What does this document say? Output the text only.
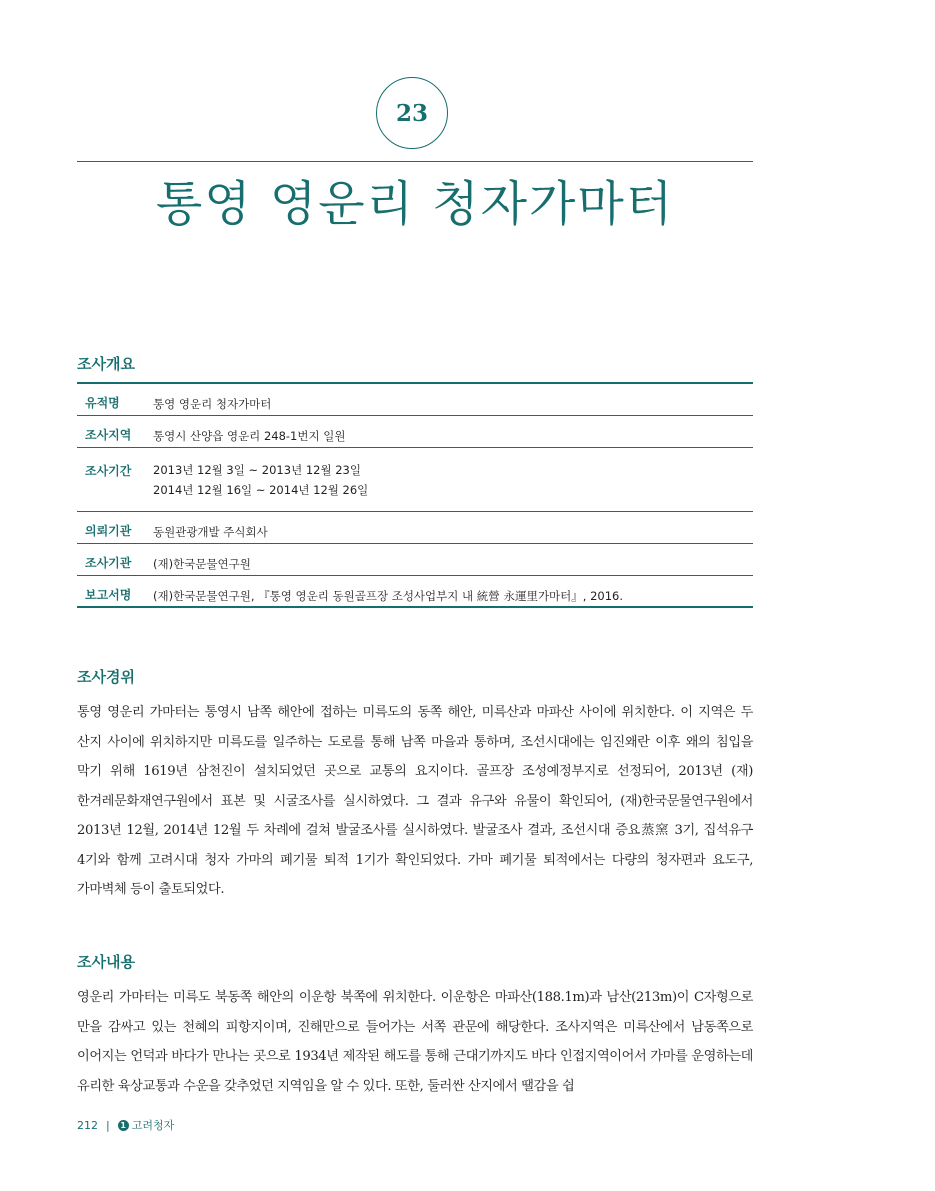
23
통영 영운리 청자가마터
조사개요
유적명	통영 영운리 청자가마터

조사지역	통영시 산양읍 영운리 248-1번지 일원

조사기간	2013년 12월 3일 ~ 2013년 12월 23일
2014년 12월 16일 ~ 2014년 12월 26일

의뢰기관	동원관광개발 주식회사

조사기관	(재)한국문물연구원

보고서명	(재)한국문물연구원, 『통영 영운리 동원골프장 조성사업부지 내 統營 永運里가마터』, 2016.
조사경위
통영 영운리 가마터는 통영시 남쪽 해안에 접하는 미륵도의 동쪽 해안, 미륵산과 마파산 사이에 위치한다. 이 지역은 두 산지 사이에 위치하지만 미륵도를 일주하는 도로를 통해 남쪽 마을과 통하며, 조선시대에는 임진왜란 이후 왜의 침입을 막기 위해 1619년 삼천진이 설치되었던 곳으로 교통의 요지이다. 골프장 조성예정부지로 선정되어, 2013년 (재)한겨레문화재연구원에서 표본 및 시굴조사를 실시하였다. 그 결과 유구와 유물이 확인되어, (재)한국문물연구원에서 2013년 12월, 2014년 12월 두 차례에 걸쳐 발굴조사를 실시하였다. 발굴조사 결과, 조선시대 증요蒸窯 3기, 집석유구 4기와 함께 고려시대 청자 가마의 폐기물 퇴적 1기가 확인되었다. 가마 폐기물 퇴적에서는 다량의 청자편과 요도구, 가마벽체 등이 출토되었다.
조사내용
영운리 가마터는 미륵도 북동쪽 해안의 이운항 북쪽에 위치한다. 이운항은 마파산(188.1m)과 남산(213m)이 C자형으로 만을 감싸고 있는 천혜의 피항지이며, 진해만으로 들어가는 서쪽 관문에 해당한다. 조사지역은 미륵산에서 남동쪽으로 이어지는 언덕과 바다가 만나는 곳으로 1934년 제작된 해도를 통해 근대기까지도 바다 인접지역이어서 가마를 운영하는데 유리한 육상교통과 수운을 갖추었던 지역임을 알 수 있다. 또한, 둘러싼 산지에서 땔감을 쉽
212 |	1 고려청자
